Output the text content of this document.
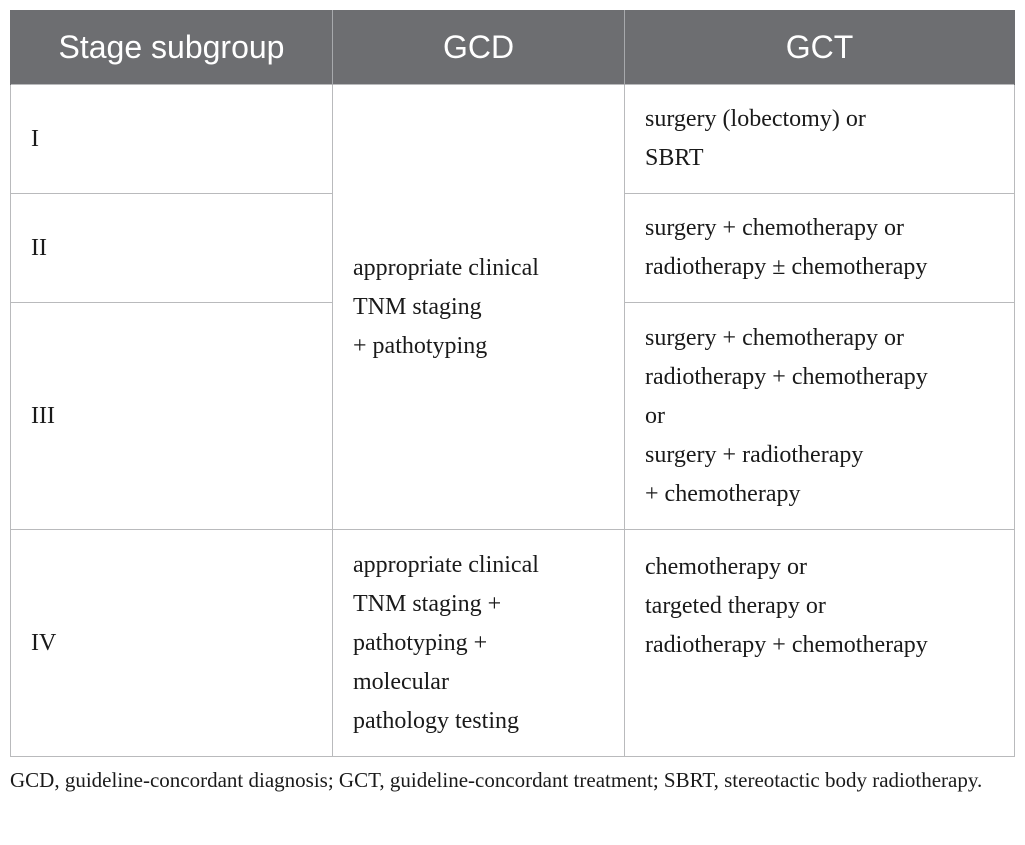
Stage subgroup	GCD	GCT
I	appropriate clinical
TNM staging
+ pathotyping	surgery (lobectomy) or
SBRT

II		surgery + chemotherapy or
radiotherapy ± chemotherapy

III		surgery + chemotherapy or
radiotherapy + chemotherapy
or
surgery + radiotherapy
+ chemotherapy

IV	appropriate clinical
TNM staging +
pathotyping +
molecular
pathology testing	chemotherapy or
targeted therapy or
radiotherapy + chemotherapy
GCD, guideline-concordant diagnosis; GCT, guideline-concordant treatment; SBRT, stereotactic body radiotherapy.
